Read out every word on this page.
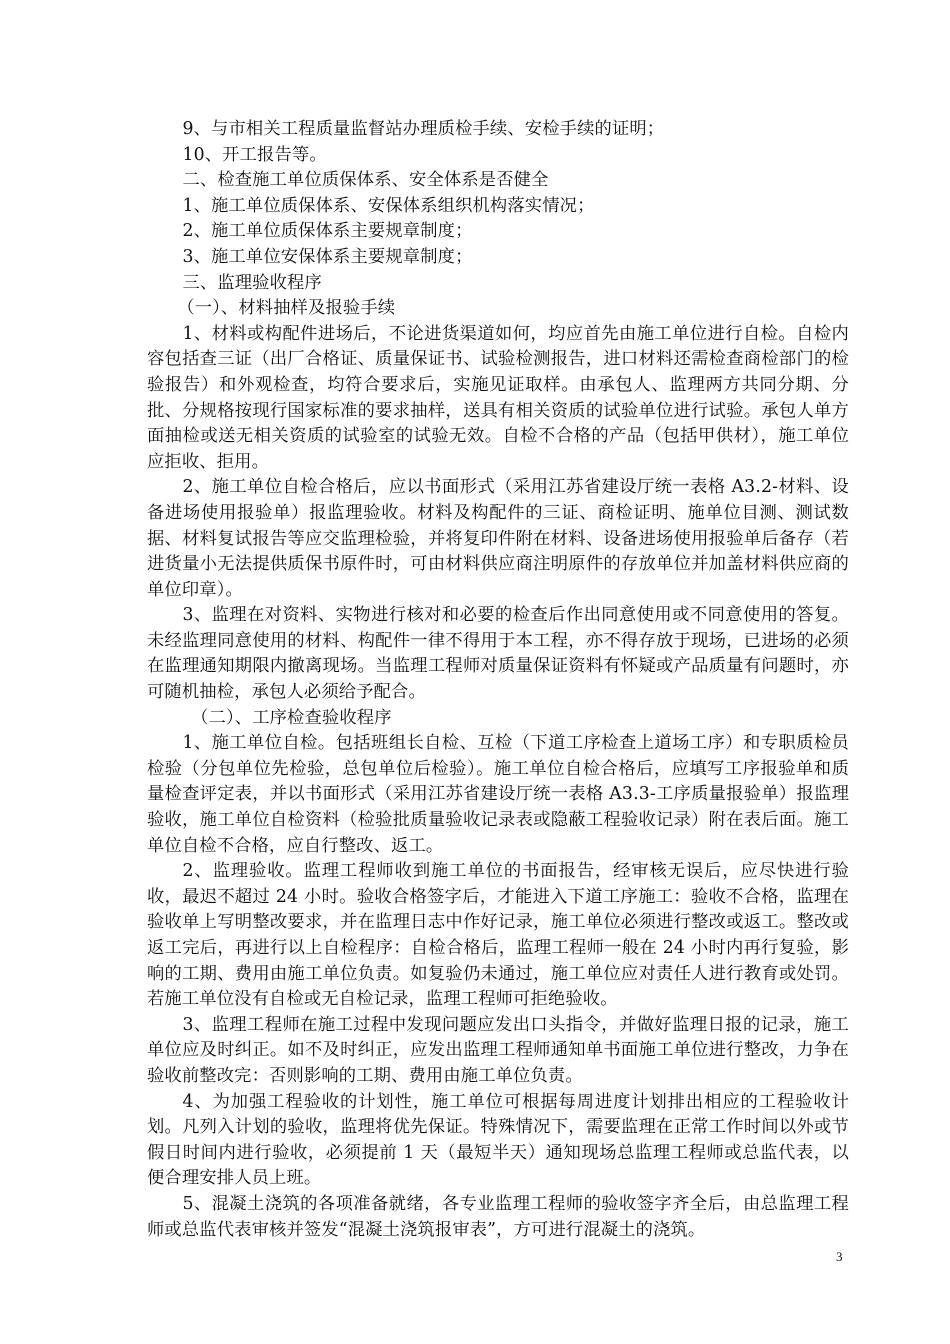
9、与市相关工程质量监督站办理质检手续、安检手续的证明；

10、开工报告等。

二、检查施工单位质保体系、安全体系是否健全

1、施工单位质保体系、安保体系组织机构落实情况；

2、施工单位质保体系主要规章制度；

3、施工单位安保体系主要规章制度；

三、监理验收程序

（一）、材料抽样及报验手续

1、材料或构配件进场后，不论进货渠道如何，均应首先由施工单位进行自检。自检内容包括查三证（出厂合格证、质量保证书、试验检测报告，进口材料还需检查商检部门的检验报告）和外观检查，均符合要求后，实施见证取样。由承包人、监理两方共同分期、分批、分规格按现行国家标准的要求抽样，送具有相关资质的试验单位进行试验。承包人单方面抽检或送无相关资质的试验室的试验无效。自检不合格的产品（包括甲供材），施工单位应拒收、拒用。

2、施工单位自检合格后，应以书面形式（采用江苏省建设厅统一表格 A3.2-材料、设备进场使用报验单）报监理验收。材料及构配件的三证、商检证明、施单位目测、测试数据、材料复试报告等应交监理检验，并将复印件附在材料、设备进场使用报验单后备存（若进货量小无法提供质保书原件时，可由材料供应商注明原件的存放单位并加盖材料供应商的单位印章）。

3、监理在对资料、实物进行核对和必要的检查后作出同意使用或不同意使用的答复。未经监理同意使用的材料、构配件一律不得用于本工程，亦不得存放于现场，已进场的必须在监理通知期限内撤离现场。当监理工程师对质量保证资料有怀疑或产品质量有问题时，亦可随机抽检，承包人必须给予配合。

（二）、工序检查验收程序

1、施工单位自检。包括班组长自检、互检（下道工序检查上道场工序）和专职质检员检验（分包单位先检验，总包单位后检验）。施工单位自检合格后，应填写工序报验单和质量检查评定表，并以书面形式（采用江苏省建设厅统一表格 A3.3-工序质量报验单）报监理验收，施工单位自检资料（检验批质量验收记录表或隐蔽工程验收记录）附在表后面。施工单位自检不合格，应自行整改、返工。

2、监理验收。监理工程师收到施工单位的书面报告，经审核无误后，应尽快进行验收，最迟不超过 24 小时。验收合格签字后，才能进入下道工序施工：验收不合格，监理在验收单上写明整改要求，并在监理日志中作好记录，施工单位必须进行整改或返工。整改或返工完后，再进行以上自检程序：自检合格后，监理工程师一般在 24 小时内再行复验，影响的工期、费用由施工单位负责。如复验仍未通过，施工单位应对责任人进行教育或处罚。若施工单位没有自检或无自检记录，监理工程师可拒绝验收。

3、监理工程师在施工过程中发现问题应发出口头指令，并做好监理日报的记录，施工单位应及时纠正。如不及时纠正，应发出监理工程师通知单书面施工单位进行整改，力争在验收前整改完：否则影响的工期、费用由施工单位负责。

4、为加强工程验收的计划性，施工单位可根据每周进度计划排出相应的工程验收计划。凡列入计划的验收，监理将优先保证。特殊情况下，需要监理在正常工作时间以外或节假日时间内进行验收，必须提前 1 天（最短半天）通知现场总监理工程师或总监代表，以便合理安排人员上班。

5、混凝土浇筑的各项准备就绪，各专业监理工程师的验收签字齐全后，由总监理工程师或总监代表审核并签发“混凝土浇筑报审表”，方可进行混凝土的浇筑。

3
